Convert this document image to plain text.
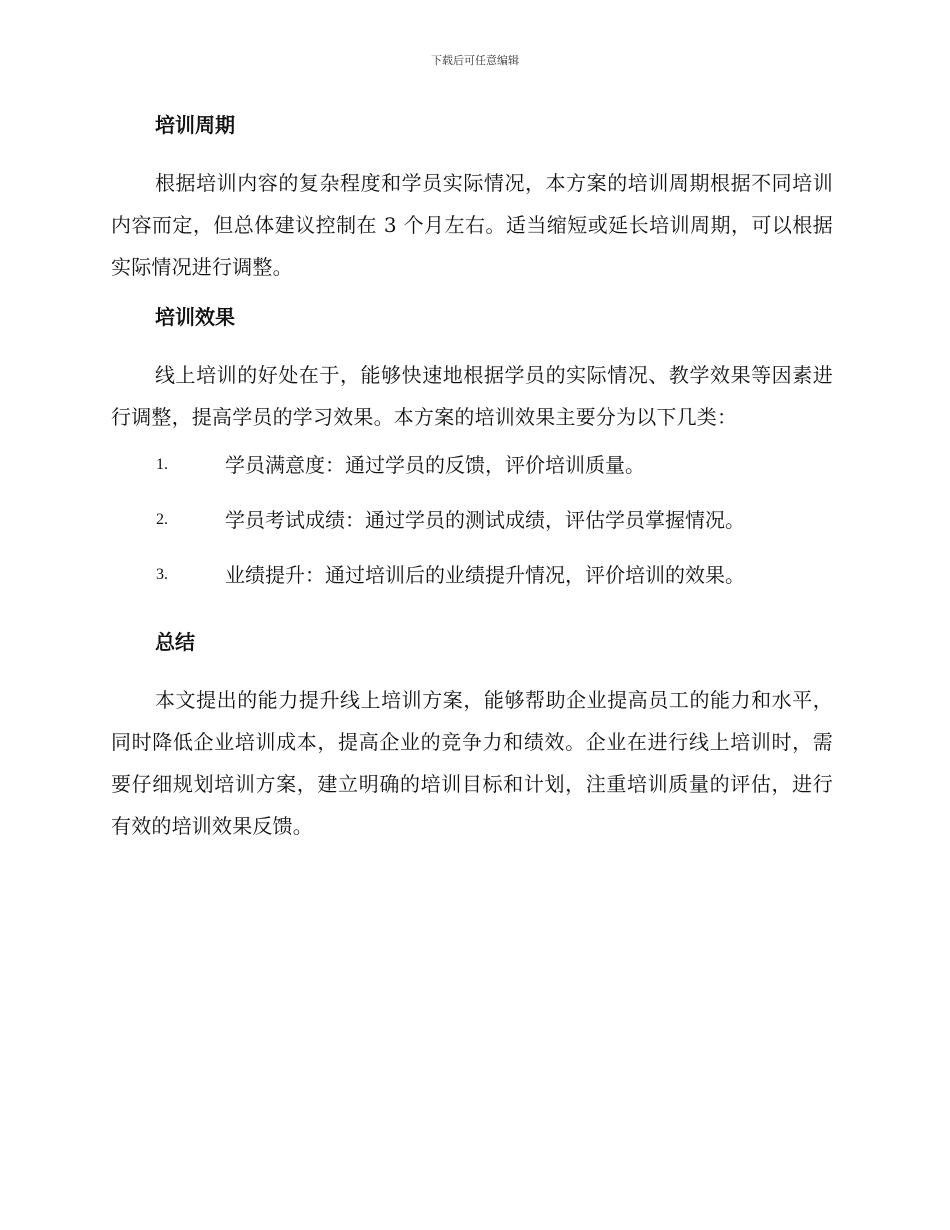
下载后可任意编辑
培训周期

根据培训内容的复杂程度和学员实际情况，本方案的培训周期根据不同培训内容而定，但总体建议控制在 3 个月左右。适当缩短或延长培训周期，可以根据实际情况进行调整。

培训效果

线上培训的好处在于，能够快速地根据学员的实际情况、教学效果等因素进行调整，提高学员的学习效果。本方案的培训效果主要分为以下几类：

1.	学员满意度：通过学员的反馈，评价培训质量。
2.	学员考试成绩：通过学员的测试成绩，评估学员掌握情况。
3.	业绩提升：通过培训后的业绩提升情况，评价培训的效果。
总结

本文提出的能力提升线上培训方案，能够帮助企业提高员工的能力和水平，同时降低企业培训成本，提高企业的竞争力和绩效。企业在进行线上培训时，需要仔细规划培训方案，建立明确的培训目标和计划，注重培训质量的评估，进行有效的培训效果反馈。
